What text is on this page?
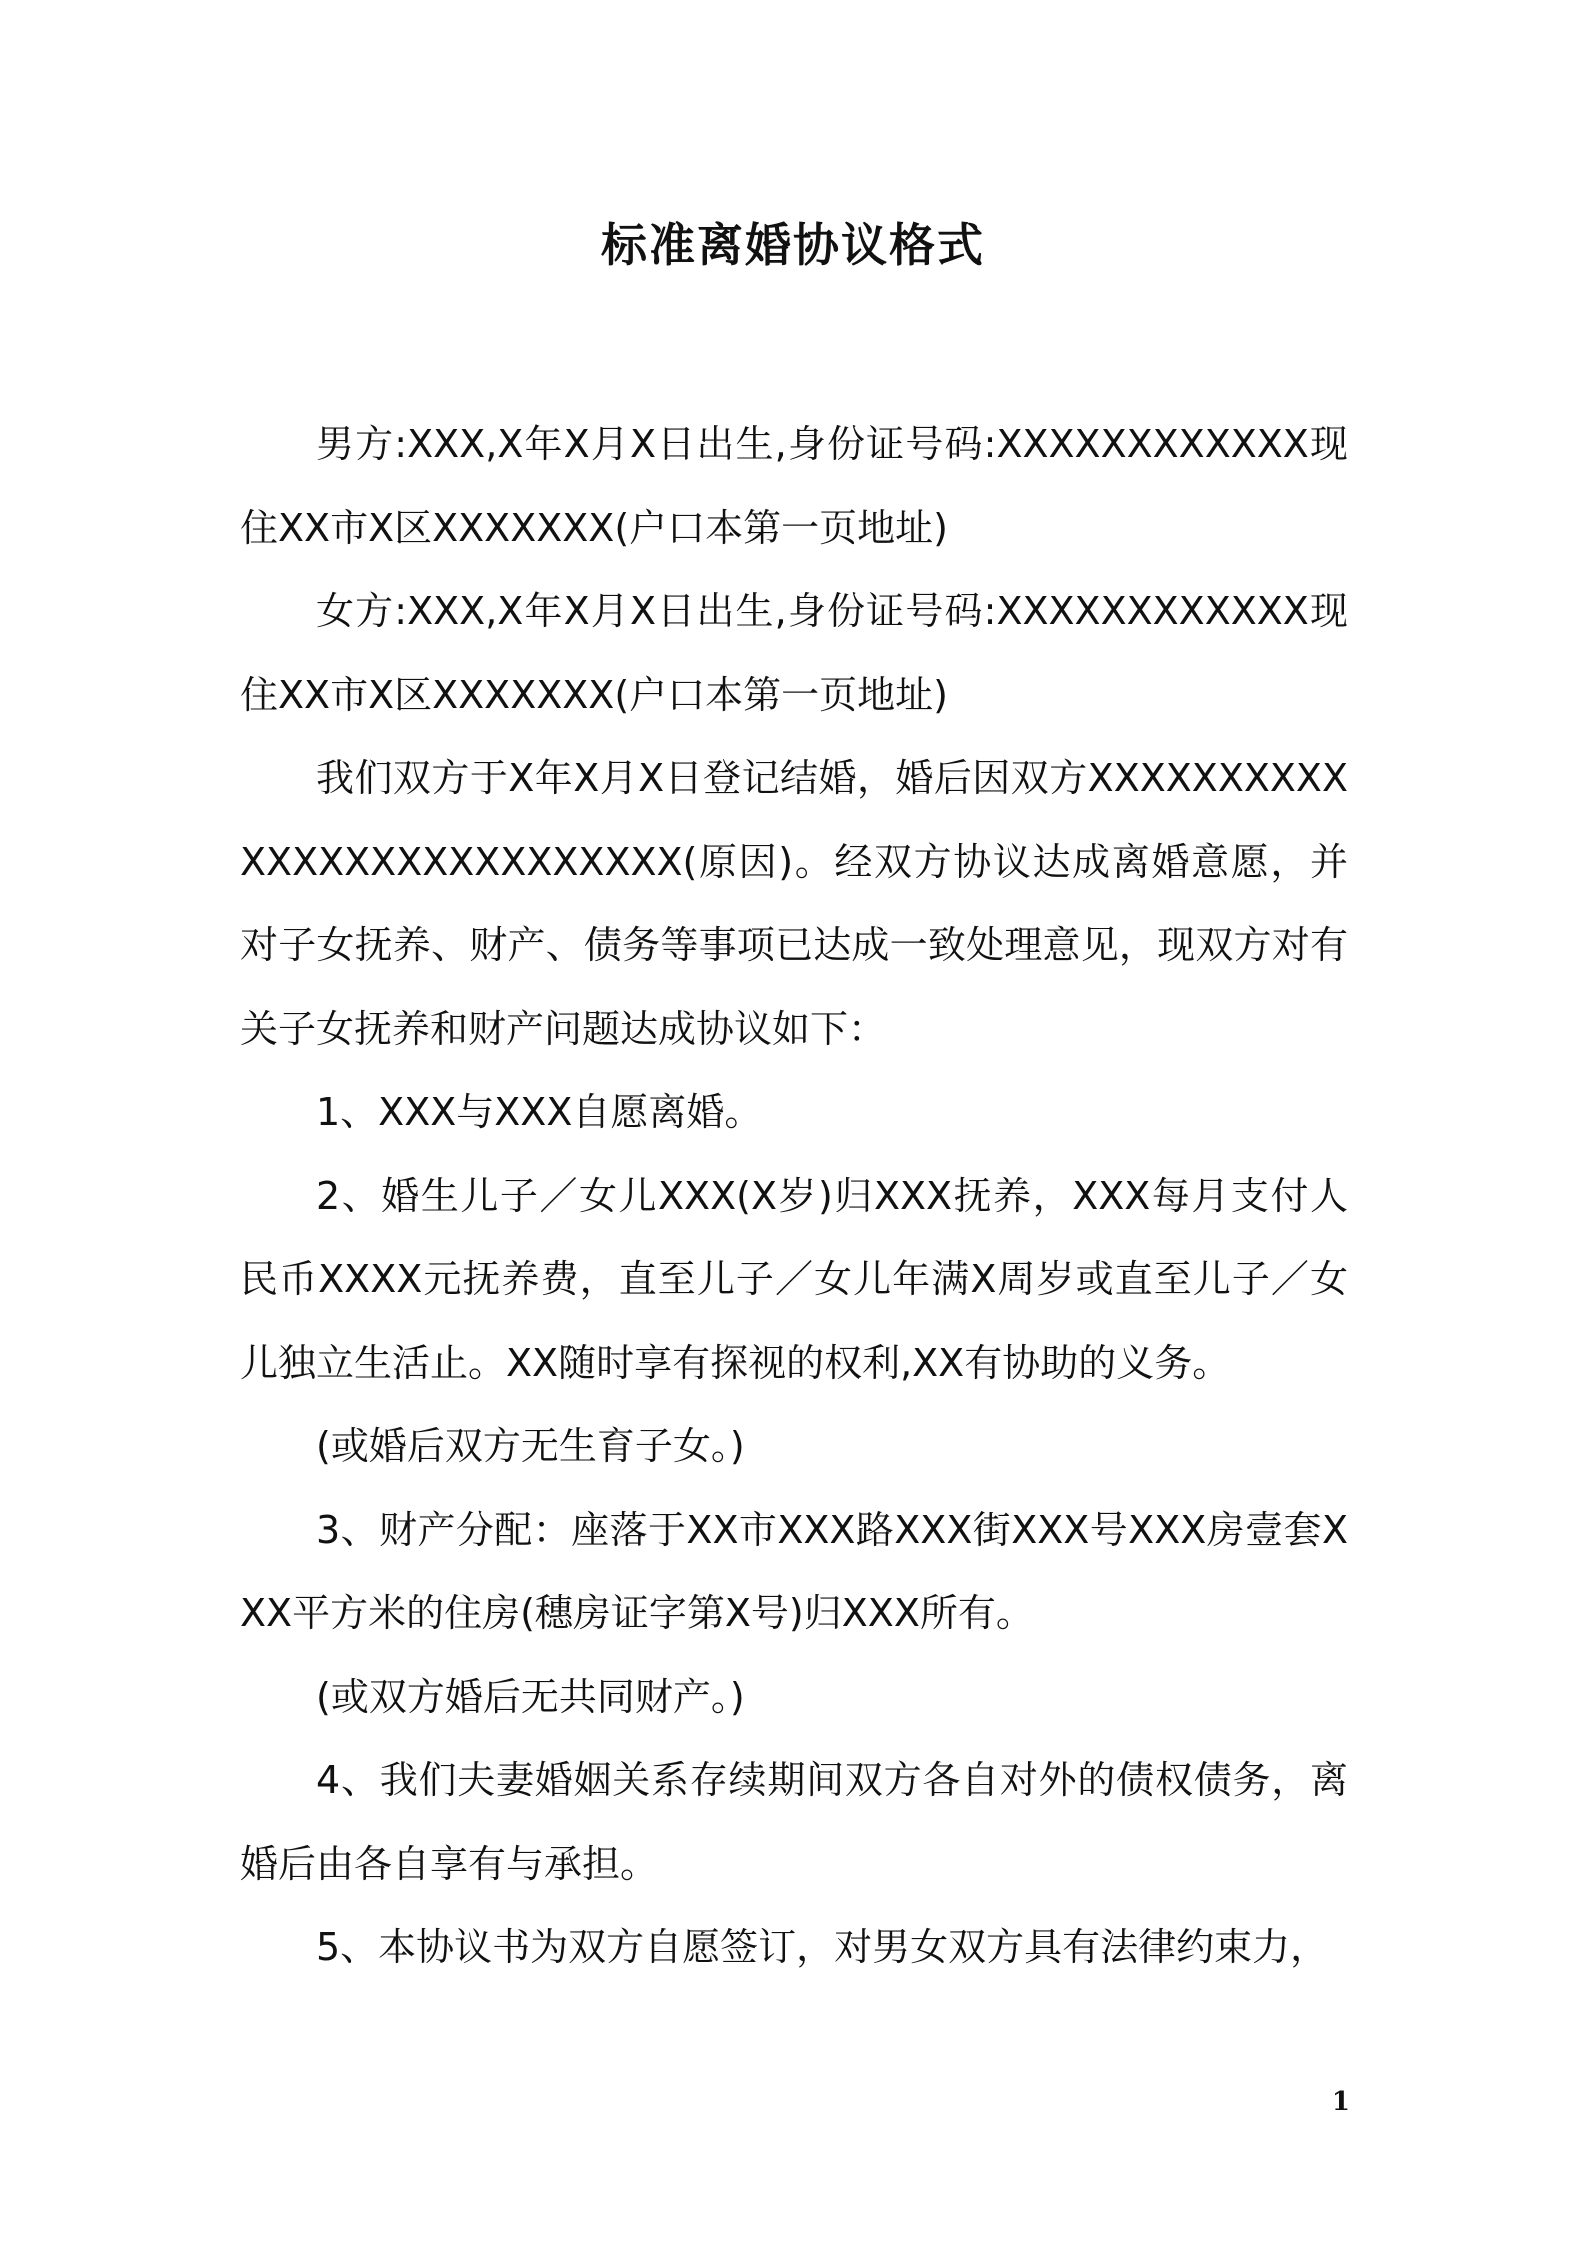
标准离婚协议格式

男方:XXX,X年X月X日出生,身份证号码:XXXXXXXXXXXX现住XX市X区XXXXXXX(户口本第一页地址)

女方:XXX,X年X月X日出生,身份证号码:XXXXXXXXXXXX现住XX市X区XXXXXXX(户口本第一页地址)

我们双方于X年X月X日登记结婚，婚后因双方XXXXXXXXXXXXXXXXXXXXXXXXXXX(原因)。经双方协议达成离婚意愿，并对子女抚养、财产、债务等事项已达成一致处理意见，现双方对有关子女抚养和财产问题达成协议如下：

1、XXX与XXX自愿离婚。

2、婚生儿子／女儿XXX(X岁)归XXX抚养，XXX每月支付人民币XXXX元抚养费，直至儿子／女儿年满X周岁或直至儿子／女儿独立生活止。XX随时享有探视的权利,XX有协助的义务。

(或婚后双方无生育子女。)

3、财产分配：座落于XX市XXX路XXX街XXX号XXX房壹套XXX平方米的住房(穗房证字第X号)归XXX所有。

(或双方婚后无共同财产。)

4、我们夫妻婚姻关系存续期间双方各自对外的债权债务，离婚后由各自享有与承担。

5、本协议书为双方自愿签订，对男女双方具有法律约束力，

1
